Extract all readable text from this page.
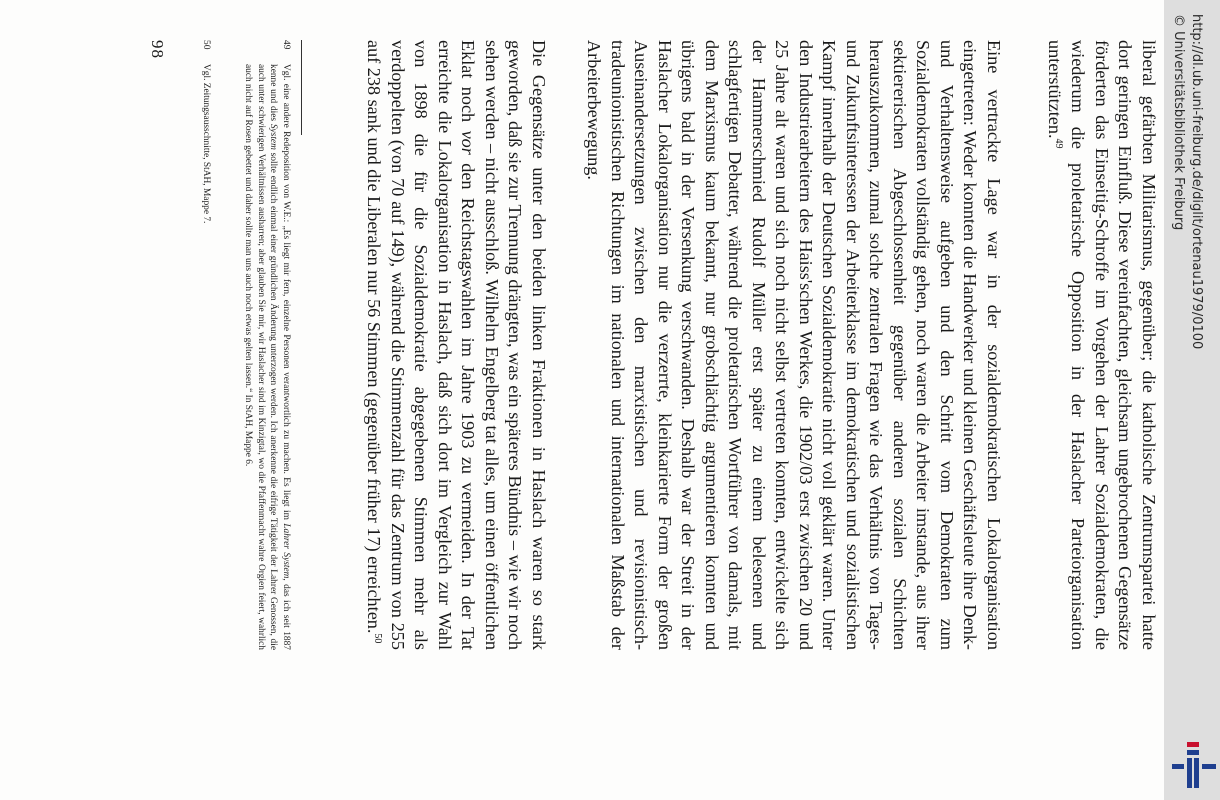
liberal gefärbten Militarismus, gegenüber; die katholische Zentrumspartei hatte dort geringen Einfluß. Diese vereinfachten, gleichsam ungebrochenen Gegensätze förderten das Einseitig-Schroffe im Vorgehen der Lahrer Sozialdemokraten, die wiederum die proletarische Opposition in der Haslacher Parteiorganisation unterstützten.$^{49}$

Eine vertrackte Lage war in der sozialdemokratischen Lokalorganisation eingetreten: Weder konnten die Handwerker und kleinen Geschäftsleute ihre Denk- und Verhaltensweise aufgeben und den Schritt vom Demokraten zum Sozialdemokraten vollständig gehen, noch waren die Arbeiter imstande, aus ihrer sektiererischen Abgeschlossenheit gegenüber anderen sozialen Schichten herauszukommen, zumal solche zentralen Fragen wie das Verhältnis von Tages- und Zukunftsinteressen der Arbeiterklasse im demokratischen und sozialistischen Kampf innerhalb der Deutschen Sozialdemokratie nicht voll geklärt waren. Unter den Industriearbeitern des Haiss'schen Werkes, die 1902/03 erst zwischen 20 und 25 Jahre alt waren und sich noch nicht selbst vertreten konnten, entwickelte sich der Hammerschmied Rudolf Müller erst später zu einem belesenen und schlagfertigen Debatter, während die proletarischen Wortführer von damals, mit dem Marxismus kaum bekannt, nur grobschlächtig argumentieren konnten und übrigens bald in der Versenkung verschwanden. Deshalb war der Streit in der Haslacher Lokalorganisation nur die verzerrte, kleinkarierte Form der großen Auseinandersetzungen zwischen den marxistischen und revisionistisch-tradeunionistischen Richtungen im nationalen und internationalen Maßstab der Arbeiterbewegung.

Die Gegensätze unter den beiden linken Fraktionen in Haslach waren so stark geworden, daß sie zur Trennung drängten, was ein späteres Bündnis – wie wir noch sehen werden – nicht ausschloß. Wilhelm Engelberg tat alles, um einen öffentlichen Eklat noch vor den Reichstagswahlen im Jahre 1903 zu vermeiden. In der Tat erreichte die Lokalorganisation in Haslach, daß sich dort im Vergleich zur Wahl von 1898 die für die Sozialdemokratie abgegebenen Stimmen mehr als verdoppelten (von 70 auf 149), während die Stimmenzahl für das Zentrum von 255 auf 238 sank und die Liberalen nur 56 Stimmen (gegenüber früher 17) erreichten.$^{50}$

49
Vgl. eine andere Redeposition von W.E.: „Es liegt mir fern, einzelne Personen verantwortlich zu machen. Es liegt im Lahrer System, das ich seit 1887 kenne und dies System sollte endlich einmal einer gründlichen Änderung unterzogen werden. Ich anerkenne die eifrige Tätigkeit der Lahrer Genossen, die auch unter schwierigen Verhältnissen ausharren; aber glauben Sie mir, wir Haslacher sind im Kinzigtal, wo die Pfaffenmacht wahre Orgien feiert, wahrlich auch nicht auf Rosen gebettet und daher sollte man uns auch noch etwas gelten lassen.“ In StAH, Mappe 6.
50
Vgl. Zeitungsausschnitte, StAH, Mappe 7.
98	http://dl.ub.uni-freiburg.de/diglit/ortenau1979/0100
© Universitätsbibliothek Freiburg
